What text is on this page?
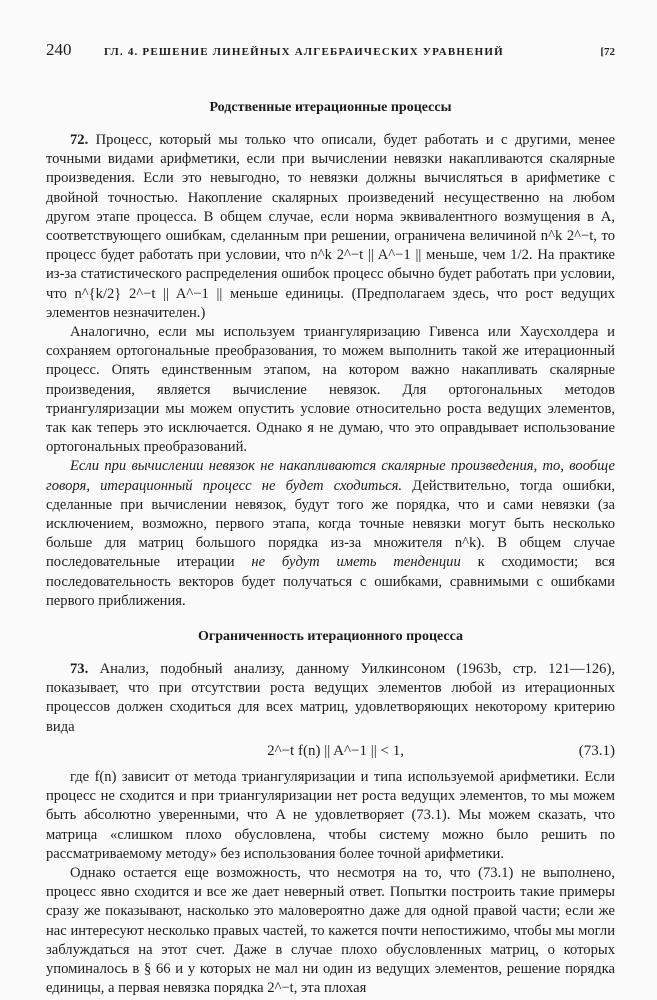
240	ГЛ. 4. РЕШЕНИЕ ЛИНЕЙНЫХ АЛГЕБРАИЧЕСКИХ УРАВНЕНИЙ	[72
Родственные итерационные процессы

72. Процесс, который мы только что описали, будет работать и с другими, менее точными видами арифметики, если при вычислении невязки накапливаются скалярные произведения. Если это невыгодно, то невязки должны вычисляться в арифметике с двойной точностью. Накопление скалярных произведений несущественно на любом другом этапе процесса. В общем случае, если норма эквивалентного возмущения в A, соответствующего ошибкам, сделанным при решении, ограничена величиной n^k 2^−t, то процесс будет работать при условии, что n^k 2^−t || A^−1 || меньше, чем 1/2. На практике из-за статистического распределения ошибок процесс обычно будет работать при условии, что n^{k/2} 2^−t || A^−1 || меньше единицы. (Предполагаем здесь, что рост ведущих элементов незначителен.)

Аналогично, если мы используем триангуляризацию Гивенса или Хаусхолдера и сохраняем ортогональные преобразования, то можем выполнить такой же итерационный процесс. Опять единственным этапом, на котором важно накапливать скалярные произведения, является вычисление невязок. Для ортогональных методов триангуляризации мы можем опустить условие относительно роста ведущих элементов, так как теперь это исключается. Однако я не думаю, что это оправдывает использование ортогональных преобразований.

Если при вычислении невязок не накапливаются скалярные произведения, то, вообще говоря, итерационный процесс не будет сходиться. Действительно, тогда ошибки, сделанные при вычислении невязок, будут того же порядка, что и сами невязки (за исключением, возможно, первого этапа, когда точные невязки могут быть несколько больше для матриц большого порядка из-за множителя n^k). В общем случае последовательные итерации не будут иметь тенденции к сходимости; вся последовательность векторов будет получаться с ошибками, сравнимыми с ошибками первого приближения.

Ограниченность итерационного процесса

73. Анализ, подобный анализу, данному Уилкинсоном (1963b, стр. 121—126), показывает, что при отсутствии роста ведущих элементов любой из итерационных процессов должен сходиться для всех матриц, удовлетворяющих некоторому критерию вида

2^−t f(n) || A^−1 || < 1,	(73.1)

где f(n) зависит от метода триангуляризации и типа используемой арифметики. Если процесс не сходится и при триангуляризации нет роста ведущих элементов, то мы можем быть абсолютно уверенными, что A не удовлетворяет (73.1). Мы можем сказать, что матрица «слишком плохо обусловлена, чтобы систему можно было решить по рассматриваемому методу» без использования более точной арифметики.

Однако остается еще возможность, что несмотря на то, что (73.1) не выполнено, процесс явно сходится и все же дает неверный ответ. Попытки построить такие примеры сразу же показывают, насколько это маловероятно даже для одной правой части; если же нас интересуют несколько правых частей, то кажется почти непостижимо, чтобы мы могли заблуждаться на этот счет. Даже в случае плохо обусловленных матриц, о которых упоминалось в § 66 и у которых не мал ни один из ведущих элементов, решение порядка единицы, а первая невязка порядка 2^−t, эта плохая
